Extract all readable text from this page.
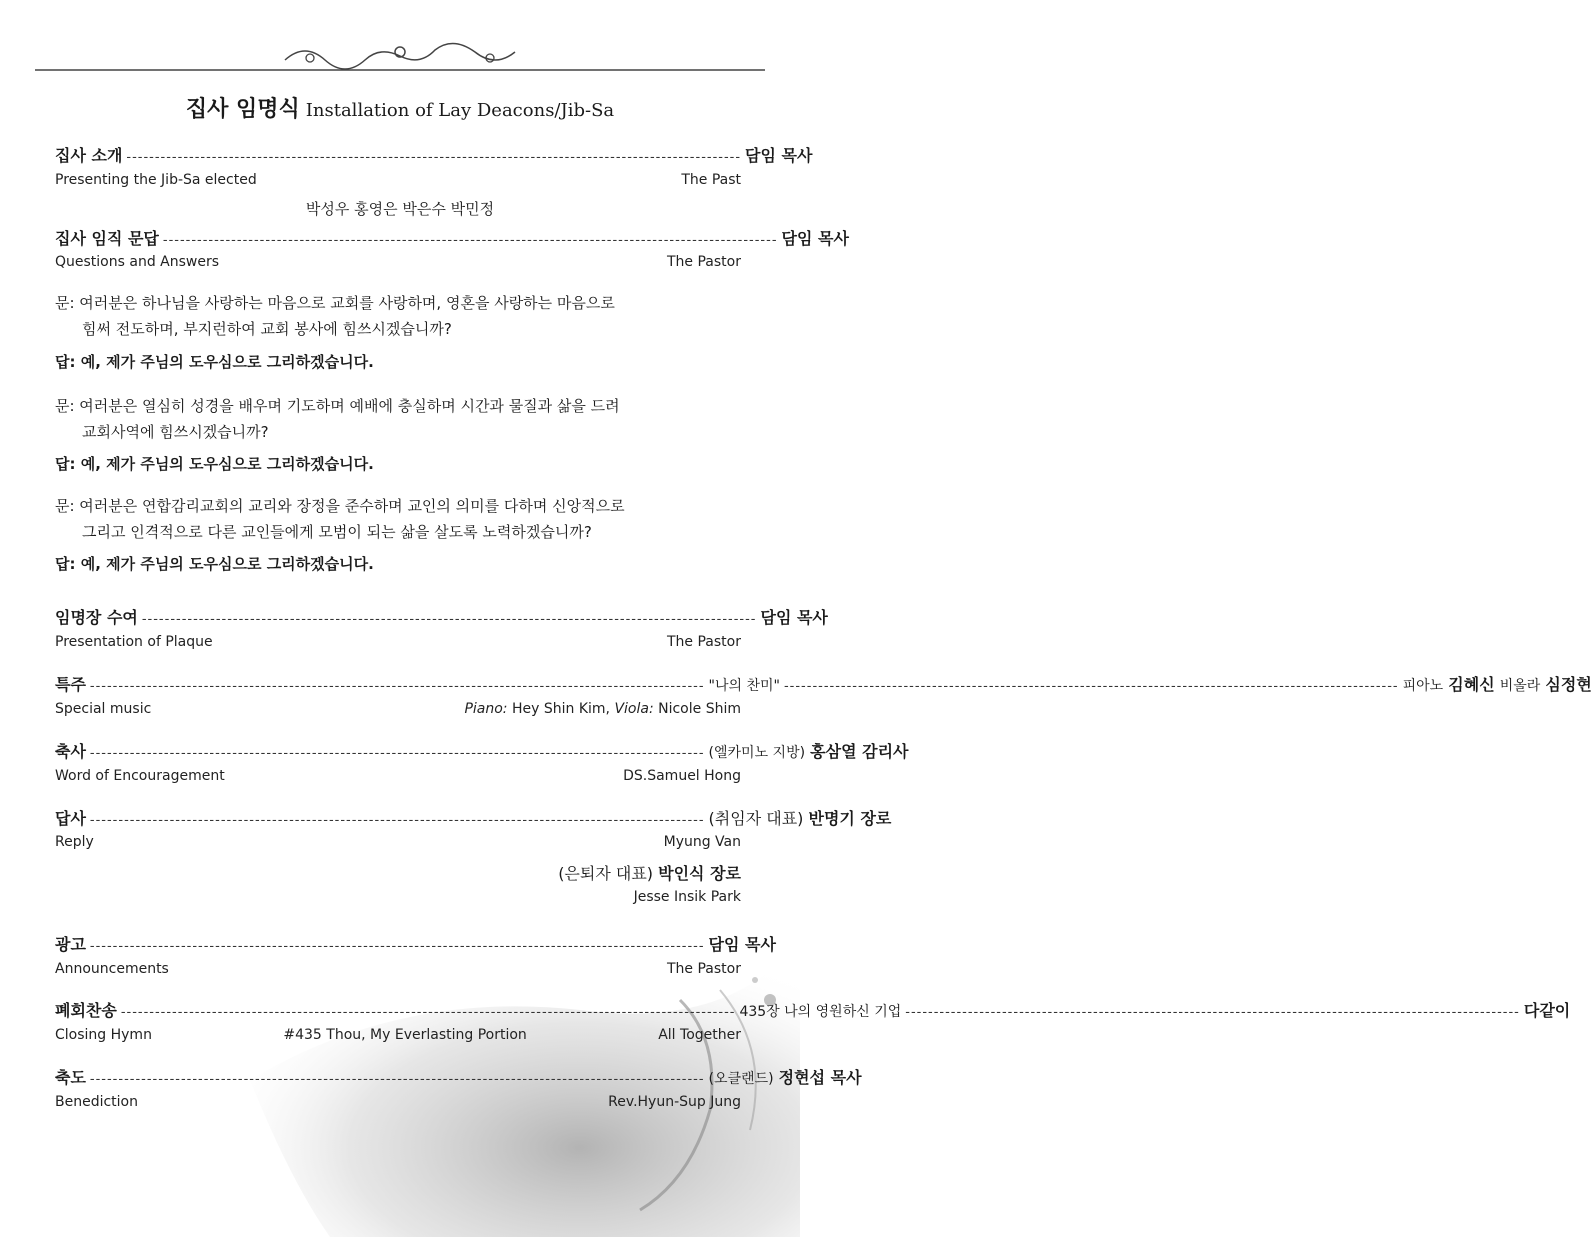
집사 임명식 Installation of Lay Deacons/Jib-Sa
집사 소개 ------------------------------------------------------------------------------------------------------------ 담임 목사
Presenting the Jib-Sa elected	The Past
박성우 홍영은 박은수 박민정
집사 임직 문답 ------------------------------------------------------------------------------------------------------------ 담임 목사
Questions and Answers	The Pastor
문: 여러분은 하나님을 사랑하는 마음으로 교회를 사랑하며, 영혼을 사랑하는 마음으로
힘써 전도하며, 부지런하여 교회 봉사에 힘쓰시겠습니까?
답: 예, 제가 주님의 도우심으로 그리하겠습니다.
문: 여러분은 열심히 성경을 배우며 기도하며 예배에 충실하며 시간과 물질과 삶을 드려
교회사역에 힘쓰시겠습니까?
답: 예, 제가 주님의 도우심으로 그리하겠습니다.
문: 여러분은 연합감리교회의 교리와 장정을 준수하며 교인의 의미를 다하며 신앙적으로
그리고 인격적으로 다른 교인들에게 모범이 되는 삶을 살도록 노력하겠습니까?
답: 예, 제가 주님의 도우심으로 그리하겠습니다.
임명장 수여 ------------------------------------------------------------------------------------------------------------ 담임 목사
Presentation of Plaque	The Pastor
특주 ------------------------------------------------------------------------------------------------------------ "나의 찬미" ------------------------------------------------------------------------------------------------------------ 피아노 김혜신 비올라 심정현
Special music	Piano: Hey Shin Kim, Viola: Nicole Shim
축사 ------------------------------------------------------------------------------------------------------------ (엘카미노 지방) 홍삼열 감리사
Word of Encouragement	DS.Samuel Hong
답사 ------------------------------------------------------------------------------------------------------------ (취임자 대표) 반명기 장로
Reply	Myung Van
(은퇴자 대표) 박인식 장로
Jesse Insik Park
광고 ------------------------------------------------------------------------------------------------------------ 담임 목사
Announcements	The Pastor
폐회찬송 ------------------------------------------------------------------------------------------------------------ 435장 나의 영원하신 기업 ------------------------------------------------------------------------------------------------------------ 다같이
Closing Hymn	#435 Thou, My Everlasting Portion	All Together
축도 ------------------------------------------------------------------------------------------------------------ (오클랜드) 정현섭 목사
Benediction	Rev.Hyun-Sup Jung
